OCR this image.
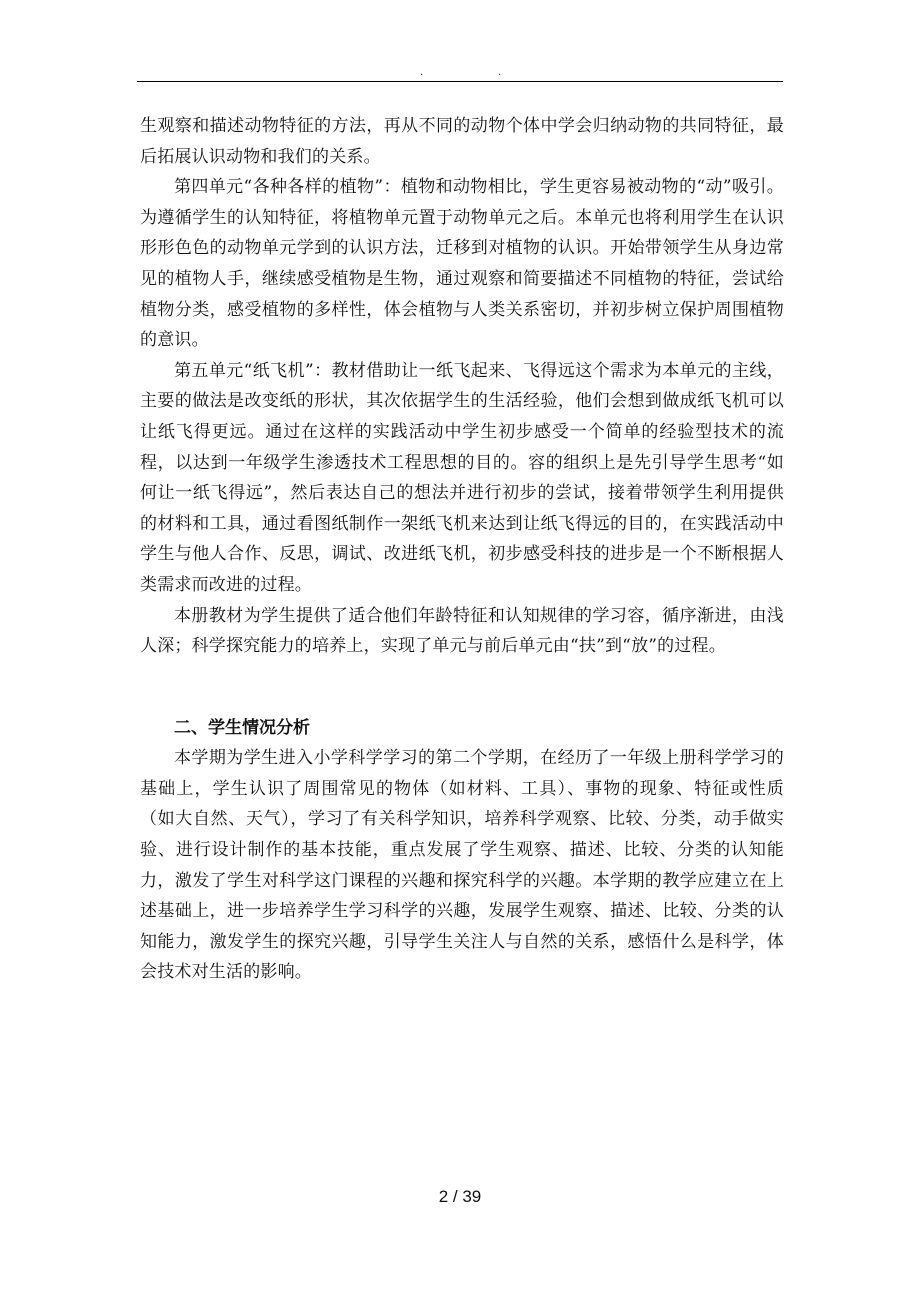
.	.

生观察和描述动物特征的方法，再从不同的动物个体中学会归纳动物的共同特征，最后拓展认识动物和我们的关系。

第四单元“各种各样的植物”：植物和动物相比，学生更容易被动物的“动”吸引。为遵循学生的认知特征，将植物单元置于动物单元之后。本单元也将利用学生在认识形形色色的动物单元学到的认识方法，迁移到对植物的认识。开始带领学生从身边常见的植物人手，继续感受植物是生物，通过观察和简要描述不同植物的特征，尝试给植物分类，感受植物的多样性，体会植物与人类关系密切，并初步树立保护周围植物的意识。

第五单元“纸飞机”：教材借助让一纸飞起来、飞得远这个需求为本单元的主线，主要的做法是改变纸的形状，其次依据学生的生活经验，他们会想到做成纸飞机可以让纸飞得更远。通过在这样的实践活动中学生初步感受一个简单的经验型技术的流程，以达到一年级学生渗透技术工程思想的目的。容的组织上是先引导学生思考“如何让一纸飞得远”，然后表达自己的想法并进行初步的尝试，接着带领学生利用提供的材料和工具，通过看图纸制作一架纸飞机来达到让纸飞得远的目的，在实践活动中学生与他人合作、反思，调试、改进纸飞机，初步感受科技的进步是一个不断根据人类需求而改进的过程。

本册教材为学生提供了适合他们年龄特征和认知规律的学习容，循序渐进，由浅人深；科学探究能力的培养上，实现了单元与前后单元由“扶”到“放”的过程。

二、学生情况分析

本学期为学生进入小学科学学习的第二个学期，在经历了一年级上册科学学习的基础上，学生认识了周围常见的物体（如材料、工具）、事物的现象、特征或性质（如大自然、天气），学习了有关科学知识，培养科学观察、比较、分类，动手做实验、进行设计制作的基本技能，重点发展了学生观察、描述、比较、分类的认知能力，激发了学生对科学这门课程的兴趣和探究科学的兴趣。本学期的教学应建立在上述基础上，进一步培养学生学习科学的兴趣，发展学生观察、描述、比较、分类的认知能力，激发学生的探究兴趣，引导学生关注人与自然的关系，感悟什么是科学，体会技术对生活的影响。

2 / 39
